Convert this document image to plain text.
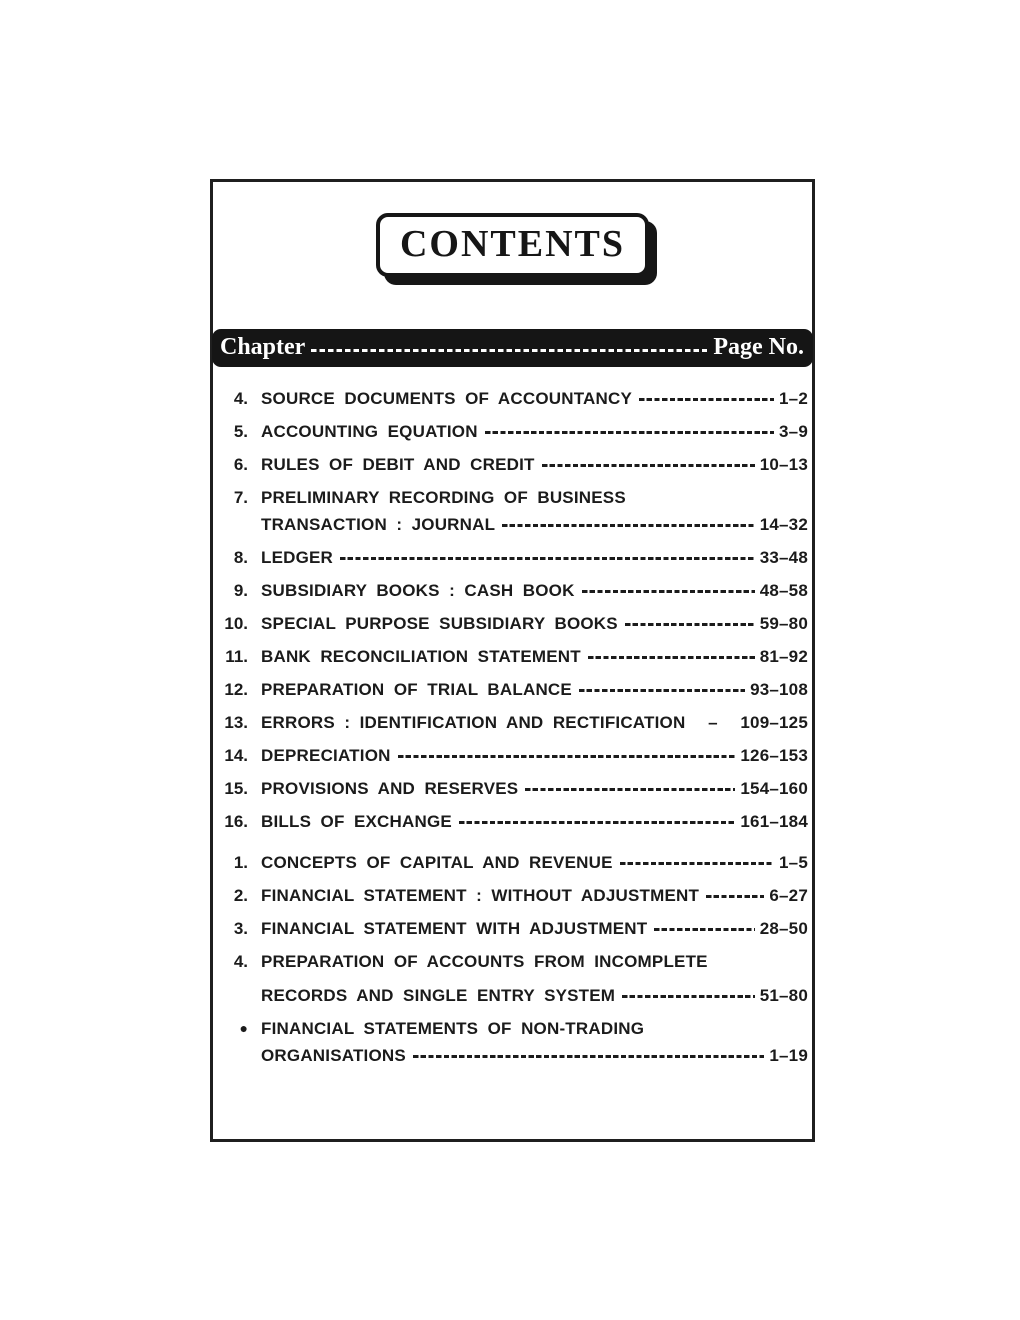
CONTENTS
Chapter	Page No.
4. SOURCE DOCUMENTS OF ACCOUNTANCY	1–2
5. ACCOUNTING EQUATION	3–9
6. RULES OF DEBIT AND CREDIT	10–13
7. PRELIMINARY RECORDING OF BUSINESS
TRANSACTION : JOURNAL	14–32
8. LEDGER	33–48
9. SUBSIDIARY BOOKS : CASH BOOK	48–58
10. SPECIAL PURPOSE SUBSIDIARY BOOKS	59–80
11. BANK RECONCILIATION STATEMENT	81–92
12. PREPARATION OF TRIAL BALANCE	93–108
13. ERRORS : IDENTIFICATION AND RECTIFICATION	–	109–125
14. DEPRECIATION	126–153
15. PROVISIONS AND RESERVES	154–160
16. BILLS OF EXCHANGE	161–184
1. CONCEPTS OF CAPITAL AND REVENUE	1–5
2. FINANCIAL STATEMENT : WITHOUT ADJUSTMENT	6–27
3. FINANCIAL STATEMENT WITH ADJUSTMENT	28–50
4. PREPARATION OF ACCOUNTS FROM INCOMPLETE
RECORDS AND SINGLE ENTRY SYSTEM	51–80
● FINANCIAL STATEMENTS OF NON-TRADING
ORGANISATIONS	1–19
